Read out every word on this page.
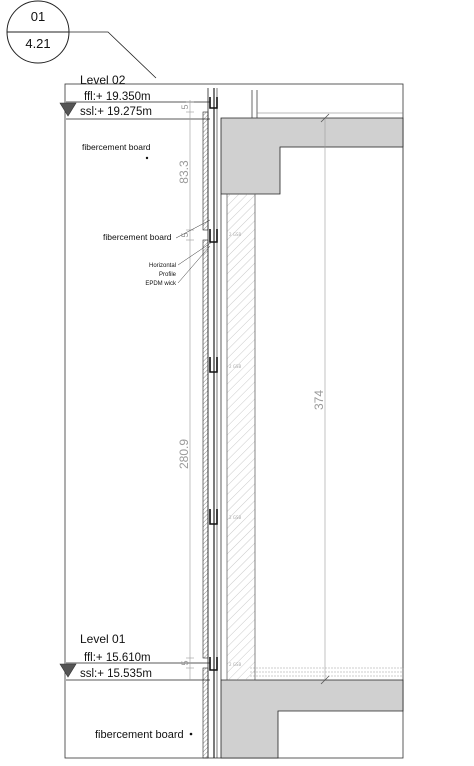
01
4.21
Level 02
ffl:+ 19.350m
ssl:+ 19.275m
Level 01
ffl:+ 15.610m
ssl:+ 15.535m
2 GSB
2 GSB
2 GSB
2 GSB
5
83.3
5
280.9
5
374
fibercement board
fibercement board
Horizontal
Profile
EPDM wick
fibercement board
